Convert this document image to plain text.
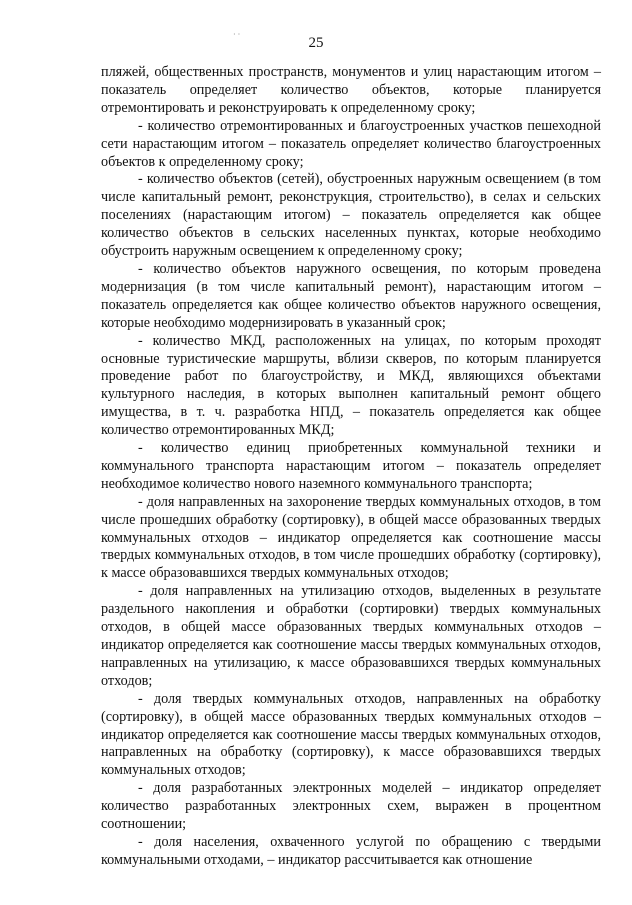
· ·
25

пляжей, общественных пространств, монументов и улиц нарастающим итогом – показатель определяет количество объектов, которые планируется отремонтировать и реконструировать к определенному сроку;

- количество отремонтированных и благоустроенных участков пешеходной сети нарастающим итогом – показатель определяет количество благоустроенных объектов к определенному сроку;

- количество объектов (сетей), обустроенных наружным освещением (в том числе капитальный ремонт, реконструкция, строительство), в селах и сельских поселениях (нарастающим итогом) – показатель определяется как общее количество объектов в сельских населенных пунктах, которые необходимо обустроить наружным освещением к определенному сроку;

- количество объектов наружного освещения, по которым проведена модернизация (в том числе капитальный ремонт), нарастающим итогом – показатель определяется как общее количество объектов наружного освещения, которые необходимо модернизировать в указанный срок;

- количество МКД, расположенных на улицах, по которым проходят основные туристические маршруты, вблизи скверов, по которым планируется проведение работ по благоустройству, и МКД, являющихся объектами культурного наследия, в которых выполнен капитальный ремонт общего имущества, в т. ч. разработка НПД, – показатель определяется как общее количество отремонтированных МКД;

- количество единиц приобретенных коммунальной техники и коммунального транспорта нарастающим итогом – показатель определяет необходимое количество нового наземного коммунального транспорта;

- доля направленных на захоронение твердых коммунальных отходов, в том числе прошедших обработку (сортировку), в общей массе образованных твердых коммунальных отходов – индикатор определяется как соотношение массы твердых коммунальных отходов, в том числе прошедших обработку (сортировку), к массе образовавшихся твердых коммунальных отходов;

- доля направленных на утилизацию отходов, выделенных в результате раздельного накопления и обработки (сортировки) твердых коммунальных отходов, в общей массе образованных твердых коммунальных отходов – индикатор определяется как соотношение массы твердых коммунальных отходов, направленных на утилизацию, к массе образовавшихся твердых коммунальных отходов;

- доля твердых коммунальных отходов, направленных на обработку (сортировку), в общей массе образованных твердых коммунальных отходов – индикатор определяется как соотношение массы твердых коммунальных отходов, направленных на обработку (сортировку), к массе образовавшихся твердых коммунальных отходов;

- доля разработанных электронных моделей – индикатор определяет количество разработанных электронных схем, выражен в процентном соотношении;

- доля населения, охваченного услугой по обращению с твердыми коммунальными отходами, – индикатор рассчитывается как отношение
